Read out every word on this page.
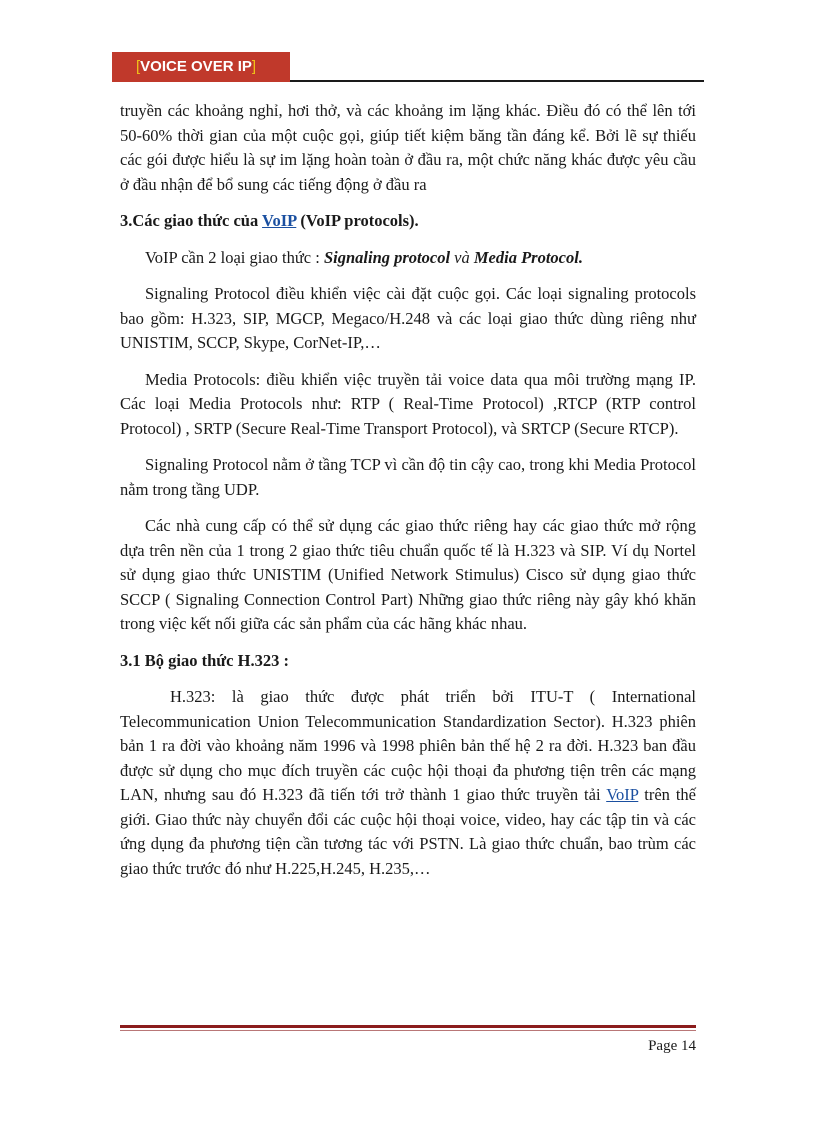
[VOICE OVER IP]

truyền các khoảng nghỉ, hơi thở, và các khoảng im lặng khác. Điều đó có thể lên tới 50-60% thời gian của một cuộc gọi, giúp tiết kiệm băng tần đáng kể. Bởi lẽ sự thiếu các gói được hiểu là sự im lặng hoàn toàn ở đầu ra, một chức năng khác được yêu cầu ở đầu nhận để bổ sung các tiếng động ở đầu ra

3.Các giao thức của VoIP (VoIP protocols).

VoIP cần 2 loại giao thức : Signaling protocol và Media Protocol.

Signaling Protocol điều khiển việc cài đặt cuộc gọi. Các loại signaling protocols bao gồm: H.323, SIP, MGCP, Megaco/H.248 và các loại giao thức dùng riêng như UNISTIM, SCCP, Skype, CorNet-IP,…

Media Protocols: điều khiển việc truyền tải voice data qua môi trường mạng IP. Các loại Media Protocols như: RTP ( Real-Time Protocol) ,RTCP (RTP control Protocol) , SRTP (Secure Real-Time Transport Protocol), và SRTCP (Secure RTCP).

Signaling Protocol nằm ở tầng TCP vì cần độ tin cậy cao, trong khi Media Protocol nằm trong tầng UDP.

Các nhà cung cấp có thể sử dụng các giao thức riêng hay các giao thức mở rộng dựa trên nền của 1 trong 2 giao thức tiêu chuẩn quốc tế là H.323 và SIP. Ví dụ Nortel sử dụng giao thức UNISTIM (Unified Network Stimulus) Cisco sử dụng giao thức SCCP ( Signaling Connection Control Part) Những giao thức riêng này gây khó khăn trong việc kết nối giữa các sản phẩm của các hãng khác nhau.

3.1 Bộ giao thức H.323 :

H.323: là giao thức được phát triển bởi ITU-T ( International Telecommunication Union Telecommunication Standardization Sector). H.323 phiên bản 1 ra đời vào khoảng năm 1996 và 1998 phiên bản thế hệ 2 ra đời. H.323 ban đầu được sử dụng cho mục đích truyền các cuộc hội thoại đa phương tiện trên các mạng LAN, nhưng sau đó H.323 đã tiến tới trở thành 1 giao thức truyền tải VoIP trên thế giới. Giao thức này chuyển đổi các cuộc hội thoại voice, video, hay các tập tin và các ứng dụng đa phương tiện cần tương tác với PSTN. Là giao thức chuẩn, bao trùm các giao thức trước đó như H.225,H.245, H.235,…

Page 14
